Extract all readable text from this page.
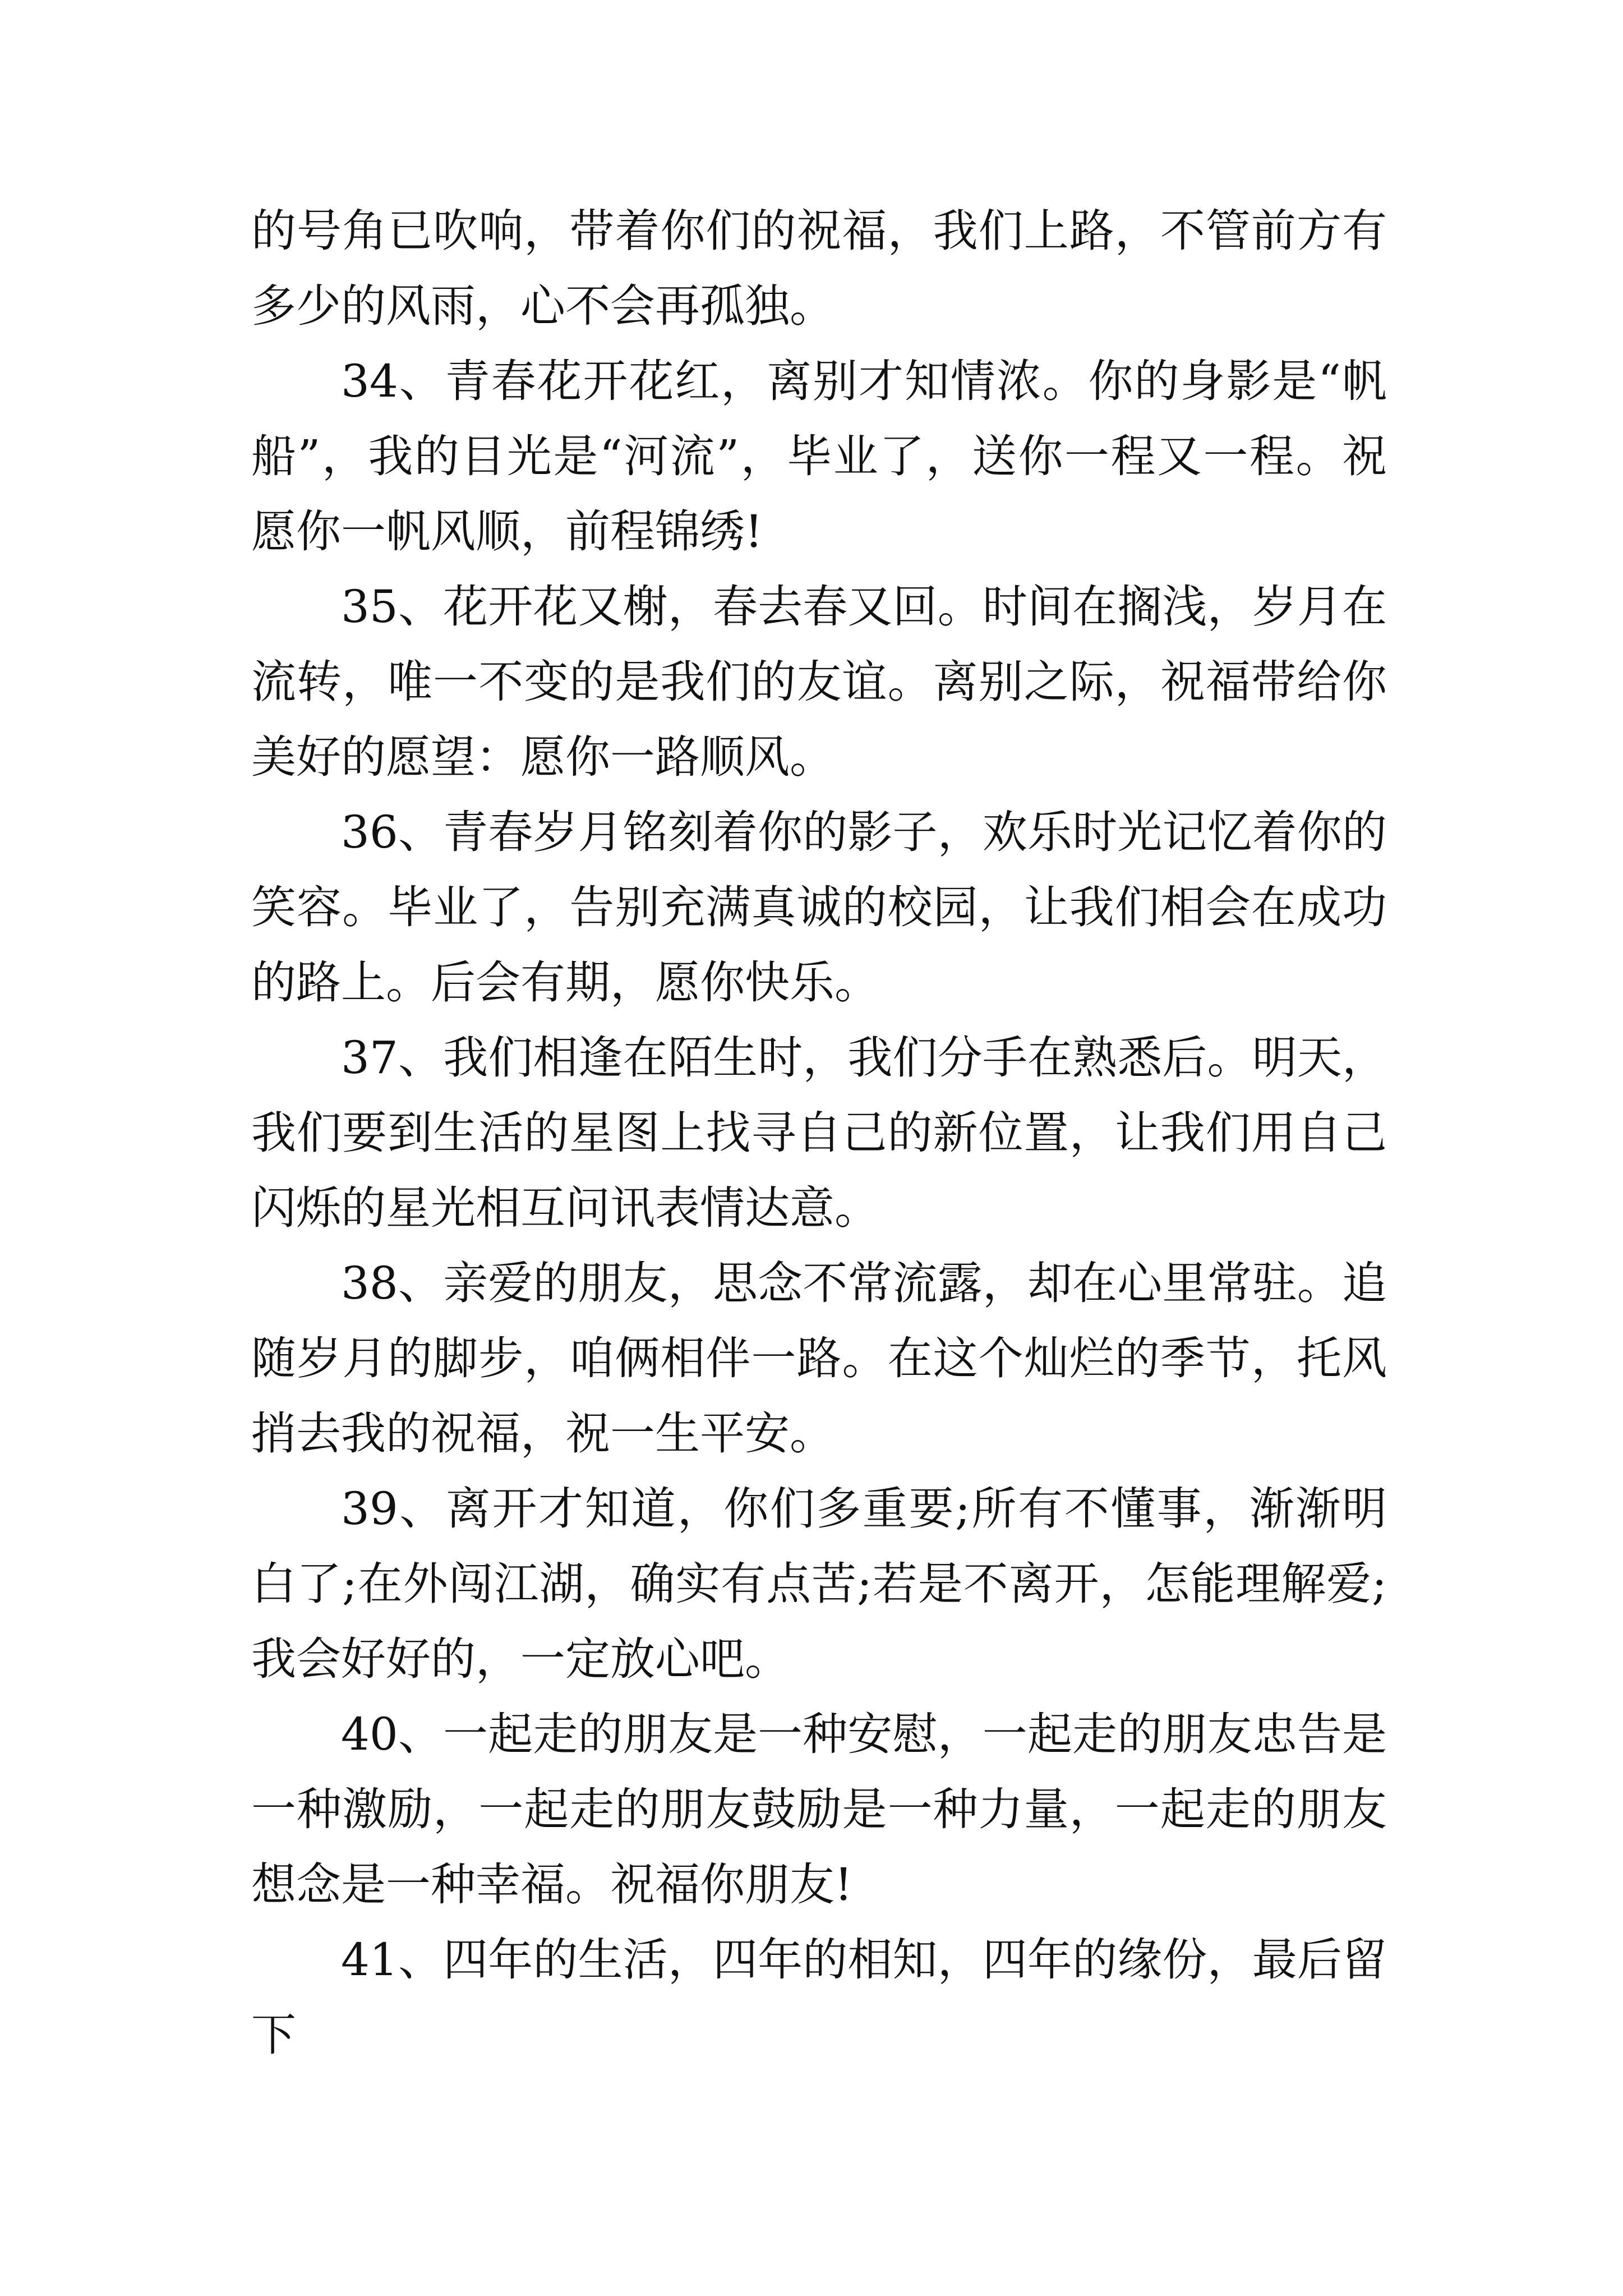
的号角已吹响，带着你们的祝福，我们上路，不管前方有多少的风雨，心不会再孤独。

34、青春花开花红，离别才知情浓。你的身影是“帆船”，我的目光是“河流”，毕业了，送你一程又一程。祝愿你一帆风顺，前程锦绣!

35、花开花又榭，春去春又回。时间在搁浅，岁月在流转，唯一不变的是我们的友谊。离别之际，祝福带给你美好的愿望：愿你一路顺风。

36、青春岁月铭刻着你的影子，欢乐时光记忆着你的笑容。毕业了，告别充满真诚的校园，让我们相会在成功的路上。后会有期，愿你快乐。

37、我们相逢在陌生时，我们分手在熟悉后。明天，我们要到生活的星图上找寻自己的新位置，让我们用自己闪烁的星光相互问讯表情达意。

38、亲爱的朋友，思念不常流露，却在心里常驻。追随岁月的脚步，咱俩相伴一路。在这个灿烂的季节，托风捎去我的祝福，祝一生平安。

39、离开才知道，你们多重要;所有不懂事，渐渐明白了;在外闯江湖，确实有点苦;若是不离开，怎能理解爱;我会好好的，一定放心吧。

40、一起走的朋友是一种安慰，一起走的朋友忠告是一种激励，一起走的朋友鼓励是一种力量，一起走的朋友想念是一种幸福。祝福你朋友!

41、四年的生活，四年的相知，四年的缘份，最后留下
